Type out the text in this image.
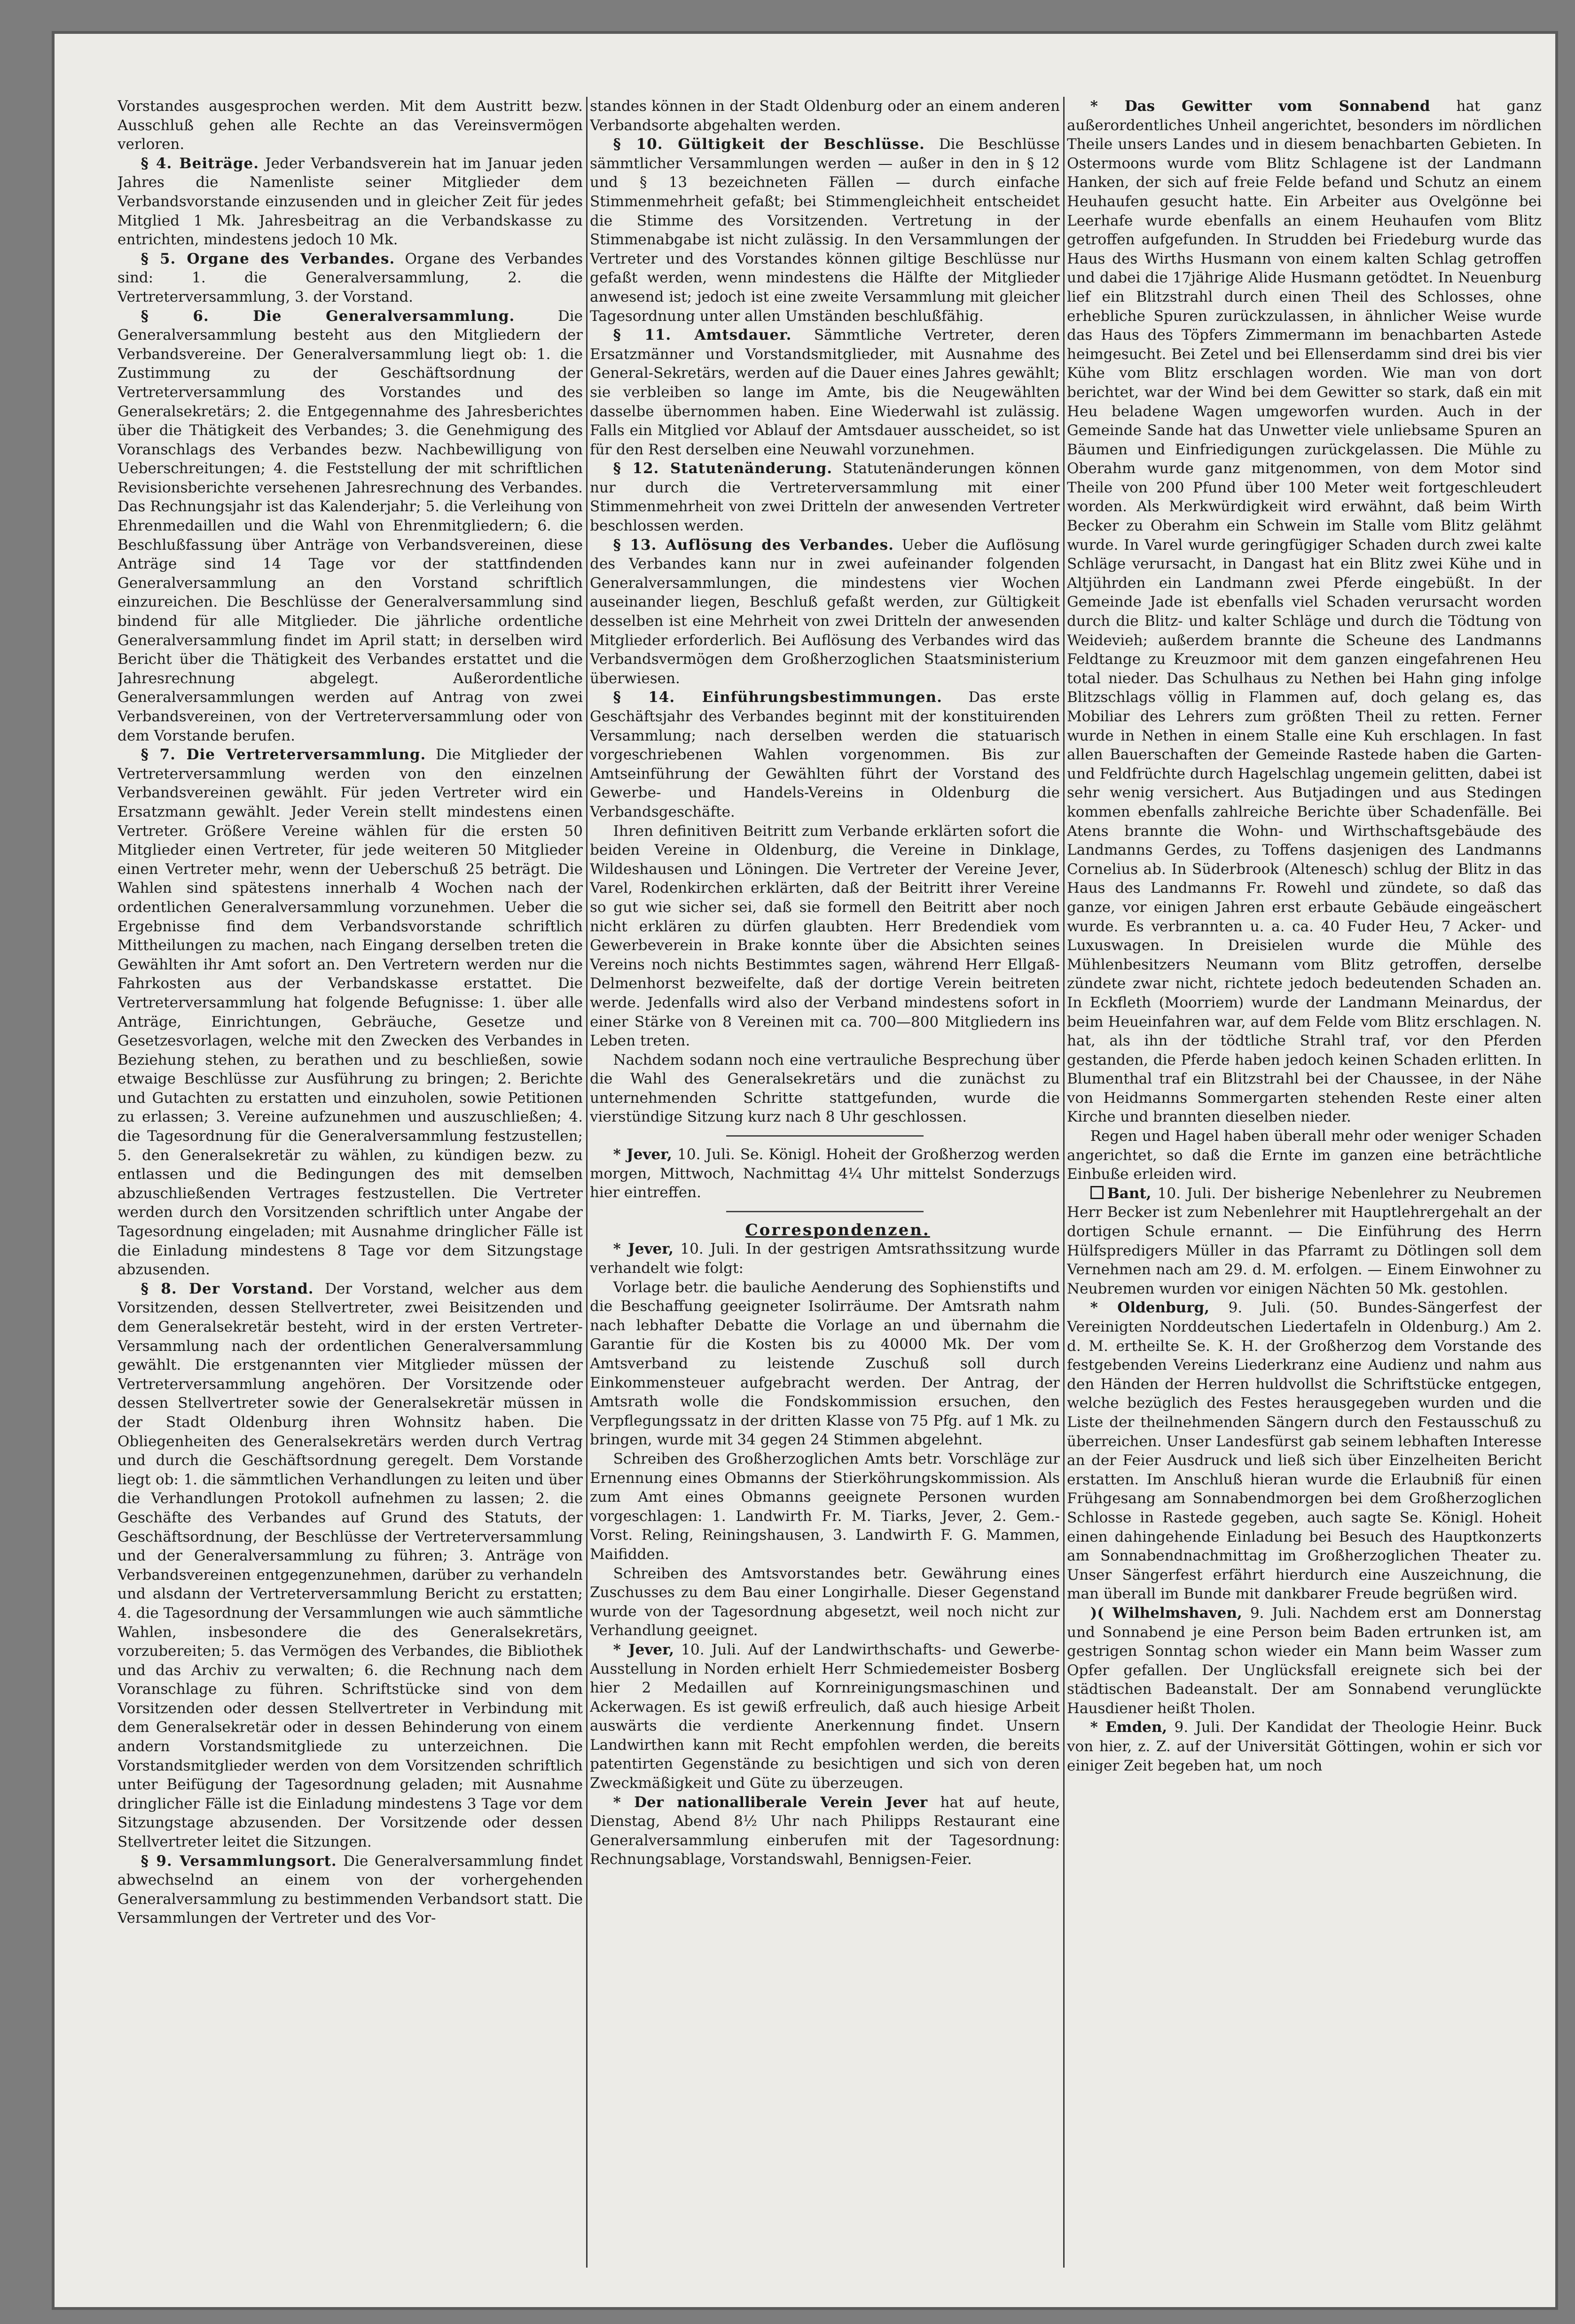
Vorstandes ausgesprochen werden. Mit dem Austritt bezw. Ausschluß gehen alle Rechte an das Vereinsvermögen verloren.

§ 4. Beiträge. Jeder Verbandsverein hat im Januar jeden Jahres die Namenliste seiner Mitglieder dem Verbandsvorstande einzusenden und in gleicher Zeit für jedes Mitglied 1 Mk. Jahresbeitrag an die Verbandskasse zu entrichten, mindestens jedoch 10 Mk.

§ 5. Organe des Verbandes. Organe des Verbandes sind: 1. die Generalversammlung, 2. die Vertreterversammlung, 3. der Vorstand.

§ 6. Die Generalversammlung.	Die Generalversammlung besteht aus den Mitgliedern der Verbandsvereine. Der Generalversammlung liegt ob: 1. die Zustimmung zu der Geschäftsordnung der Vertreterversammlung des Vorstandes und des Generalsekretärs; 2. die Entgegennahme des Jahresberichtes über die Thätigkeit des Verbandes; 3. die Genehmigung des Voranschlags des Verbandes bezw. Nachbewilligung von Ueberschreitungen; 4. die Feststellung der mit schriftlichen Revisionsberichte versehenen Jahresrechnung des Verbandes. Das Rechnungsjahr ist das Kalenderjahr; 5. die Verleihung von Ehrenmedaillen und die Wahl von Ehrenmitgliedern; 6. die Beschlußfassung über Anträge von Verbandsvereinen, diese Anträge sind 14 Tage vor der stattfindenden Generalversammlung an den Vorstand schriftlich einzureichen. Die Beschlüsse der Generalversammlung sind bindend für alle Mitglieder. Die jährliche ordentliche Generalversammlung findet im April statt; in derselben wird Bericht über die Thätigkeit des Verbandes erstattet und die Jahresrechnung abgelegt. Außerordentliche Generalversammlungen werden auf Antrag von zwei Verbandsvereinen, von der Vertreterversammlung oder von dem Vorstande berufen.

§ 7. Die Vertreterversammlung. Die Mitglieder der Vertreterversammlung werden von den einzelnen Verbandsvereinen gewählt. Für jeden Vertreter wird ein Ersatzmann gewählt. Jeder Verein stellt mindestens einen Vertreter. Größere Vereine wählen für die ersten 50 Mitglieder einen Vertreter, für jede weiteren 50 Mitglieder einen Vertreter mehr, wenn der Ueberschuß 25 beträgt. Die Wahlen sind spätestens innerhalb 4 Wochen nach der ordentlichen Generalversammlung vorzunehmen. Ueber die Ergebnisse find dem Verbandsvorstande schriftlich Mittheilungen zu machen, nach Eingang derselben treten die Gewählten ihr Amt sofort an. Den Vertretern werden nur die Fahrkosten aus der Verbandskasse erstattet. Die Vertreterversammlung hat folgende Befugnisse: 1. über alle Anträge, Einrichtungen, Gebräuche, Gesetze und Gesetzesvorlagen, welche mit den Zwecken des Verbandes in Beziehung stehen, zu berathen und zu beschließen, sowie etwaige Beschlüsse zur Ausführung zu bringen; 2. Berichte und Gutachten zu erstatten und einzuholen, sowie Petitionen zu erlassen; 3. Vereine aufzunehmen und auszuschließen; 4. die Tagesordnung für die Generalversammlung festzustellen; 5. den Generalsekretär zu wählen, zu kündigen bezw. zu entlassen und die Bedingungen des mit demselben abzuschließenden Vertrages festzustellen. Die Vertreter werden durch den Vorsitzenden schriftlich unter Angabe der Tagesordnung eingeladen; mit Ausnahme dringlicher Fälle ist die Einladung mindestens 8 Tage vor dem Sitzungstage abzusenden.

§ 8. Der Vorstand. Der Vorstand, welcher aus dem Vorsitzenden, dessen Stellvertreter, zwei Beisitzenden und dem Generalsekretär besteht, wird in der ersten Vertreter-Versammlung nach der ordentlichen Generalversammlung gewählt. Die erstgenannten vier Mitglieder müssen der Vertreterversammlung angehören. Der Vorsitzende oder dessen Stellvertreter sowie der Generalsekretär müssen in der Stadt Oldenburg ihren Wohnsitz haben. Die Obliegenheiten des Generalsekretärs werden durch Vertrag und durch die Geschäftsordnung geregelt. Dem Vorstande liegt ob: 1. die sämmtlichen Verhandlungen zu leiten und über die Verhandlungen Protokoll aufnehmen zu lassen; 2. die Geschäfte des Verbandes auf Grund des Statuts, der Geschäftsordnung, der Beschlüsse der Vertreterversammlung und der Generalversammlung zu führen; 3. Anträge von Verbandsvereinen entgegenzunehmen, darüber zu verhandeln und alsdann der Vertreterversammlung Bericht zu erstatten; 4. die Tagesordnung der Versammlungen wie auch sämmtliche Wahlen, insbesondere die des Generalsekretärs, vorzubereiten; 5. das Vermögen des Verbandes, die Bibliothek und das Archiv zu verwalten; 6. die Rechnung nach dem Voranschlage zu führen. Schriftstücke sind von dem Vorsitzenden oder dessen Stellvertreter in Verbindung mit dem Generalsekretär oder in dessen Behinderung von einem andern Vorstandsmitgliede zu unterzeichnen. Die Vorstandsmitglieder werden von dem Vorsitzenden schriftlich unter Beifügung der Tagesordnung geladen; mit Ausnahme dringlicher Fälle ist die Einladung mindestens 3 Tage vor dem Sitzungstage abzusenden. Der Vorsitzende oder dessen Stellvertreter leitet die Sitzungen.

§ 9. Versammlungsort. Die Generalversammlung findet abwechselnd an einem von der vorhergehenden Generalversammlung zu bestimmenden Verbandsort statt. Die Versammlungen der Vertreter und des Vor-

standes können in der Stadt Oldenburg oder an einem anderen Verbandsorte abgehalten werden.

§ 10. Gültigkeit der Beschlüsse. Die Beschlüsse sämmtlicher Versammlungen werden — außer in den in § 12 und § 13 bezeichneten Fällen — durch einfache Stimmenmehrheit gefaßt; bei Stimmengleichheit entscheidet die Stimme des Vorsitzenden. Vertretung in der Stimmenabgabe ist nicht zulässig. In den Versammlungen der Vertreter und des Vorstandes können giltige Beschlüsse nur gefaßt werden, wenn mindestens die Hälfte der Mitglieder anwesend ist; jedoch ist eine zweite Versammlung mit gleicher Tagesordnung unter allen Umständen beschlußfähig.

§ 11. Amtsdauer. Sämmtliche Vertreter, deren Ersatzmänner und Vorstandsmitglieder, mit Ausnahme des General-Sekretärs, werden auf die Dauer eines Jahres gewählt; sie verbleiben so lange im Amte, bis die Neugewählten dasselbe übernommen haben. Eine Wiederwahl ist zulässig. Falls ein Mitglied vor Ablauf der Amtsdauer ausscheidet, so ist für den Rest derselben eine Neuwahl vorzunehmen.

§ 12. Statutenänderung. Statutenänderungen können nur durch die Vertreterversammlung mit einer Stimmenmehrheit von zwei Dritteln der anwesenden Vertreter beschlossen werden.

§ 13. Auflösung des Verbandes. Ueber die Auflösung des Verbandes kann nur in zwei aufeinander folgenden Generalversammlungen, die mindestens vier Wochen auseinander liegen, Beschluß gefaßt werden, zur Gültigkeit desselben ist eine Mehrheit von zwei Dritteln der anwesenden Mitglieder erforderlich. Bei Auflösung des Verbandes wird das Verbandsvermögen dem Großherzoglichen Staatsministerium überwiesen.

§ 14. Einführungsbestimmungen. Das erste Geschäftsjahr des Verbandes beginnt mit der konstituirenden Versammlung; nach derselben werden die statuarisch vorgeschriebenen Wahlen vorgenommen. Bis zur Amtseinführung der Gewählten führt der Vorstand des Gewerbe- und Handels-Vereins in Oldenburg die Verbandsgeschäfte.

Ihren definitiven Beitritt zum Verbande erklärten sofort die beiden Vereine in Oldenburg, die Vereine in Dinklage, Wildeshausen und Löningen. Die Vertreter der Vereine Jever, Varel, Rodenkirchen erklärten, daß der Beitritt ihrer Vereine so gut wie sicher sei, daß sie formell den Beitritt aber noch nicht erklären zu dürfen glaubten. Herr Bredendiek vom Gewerbeverein in Brake konnte über die Absichten seines Vereins noch nichts Bestimmtes sagen, während Herr Ellgaß-Delmenhorst bezweifelte, daß der dortige Verein beitreten werde. Jedenfalls wird also der Verband mindestens sofort in einer Stärke von 8 Vereinen mit ca. 700—800 Mitgliedern ins Leben treten.

Nachdem sodann noch eine vertrauliche Besprechung über die Wahl des Generalsekretärs und die zunächst zu unternehmenden Schritte stattgefunden, wurde die vierstündige Sitzung kurz nach 8 Uhr geschlossen.

* Jever, 10. Juli. Se. Königl. Hoheit der Großherzog werden morgen, Mittwoch, Nachmittag 4¼ Uhr mittelst Sonderzugs hier eintreffen.

Correspondenzen.

* Jever, 10. Juli. In der gestrigen Amtsrathssitzung wurde verhandelt wie folgt:

Vorlage betr. die bauliche Aenderung des Sophienstifts und die Beschaffung geeigneter Isolirräume. Der Amtsrath nahm nach lebhafter Debatte die Vorlage an und übernahm die Garantie für die Kosten bis zu 40000 Mk. Der vom Amtsverband zu leistende Zuschuß soll durch Einkommensteuer aufgebracht werden. Der Antrag, der Amtsrath wolle die Fondskommission ersuchen, den Verpflegungssatz in der dritten Klasse von 75 Pfg. auf 1 Mk. zu bringen, wurde mit 34 gegen 24 Stimmen abgelehnt.

Schreiben des Großherzoglichen Amts betr. Vorschläge zur Ernennung eines Obmanns der Stierköhrungskommission. Als zum Amt eines Obmanns geeignete Personen wurden vorgeschlagen: 1. Landwirth Fr. M. Tiarks, Jever, 2. Gem.-Vorst. Reling, Reiningshausen, 3. Landwirth F. G. Mammen, Maifidden.

Schreiben des Amtsvorstandes betr. Gewährung eines Zuschusses zu dem Bau einer Longirhalle. Dieser Gegenstand wurde von der Tagesordnung abgesetzt, weil noch nicht zur Verhandlung geeignet.

* Jever, 10. Juli. Auf der Landwirthschafts- und Gewerbe-Ausstellung in Norden erhielt Herr Schmiedemeister Bosberg hier 2 Medaillen auf Kornreinigungsmaschinen und Ackerwagen. Es ist gewiß erfreulich, daß auch hiesige Arbeit auswärts die verdiente Anerkennung findet. Unsern Landwirthen kann mit Recht empfohlen werden, die bereits patentirten Gegenstände zu besichtigen und sich von deren Zweckmäßigkeit und Güte zu überzeugen.

* Der nationalliberale Verein Jever hat auf heute, Dienstag, Abend 8½ Uhr nach Philipps Restaurant eine Generalversammlung einberufen mit der Tagesordnung: Rechnungsablage, Vorstandswahl, Bennigsen-Feier.

* Das Gewitter vom Sonnabend hat ganz außerordentliches Unheil angerichtet, besonders im nördlichen Theile unsers Landes und in diesem benachbarten Gebieten. In Ostermoons wurde vom Blitz Schlagene ist der Landmann Hanken, der sich auf freie Felde befand und Schutz an einem Heuhaufen gesucht hatte. Ein Arbeiter aus Ovelgönne bei Leerhafe wurde ebenfalls an einem Heuhaufen vom Blitz getroffen aufgefunden. In Strudden bei Friedeburg wurde das Haus des Wirths Husmann von einem kalten Schlag getroffen und dabei die 17jährige Alide Husmann getödtet. In Neuenburg lief ein Blitzstrahl durch einen Theil des Schlosses, ohne erhebliche Spuren zurückzulassen, in ähnlicher Weise wurde das Haus des Töpfers Zimmermann im benachbarten Astede heimgesucht. Bei Zetel und bei Ellenserdamm sind drei bis vier Kühe vom Blitz erschlagen worden. Wie man von dort berichtet, war der Wind bei dem Gewitter so stark, daß ein mit Heu beladene Wagen umgeworfen wurden. Auch in der Gemeinde Sande hat das Unwetter viele unliebsame Spuren an Bäumen und Einfriedigungen zurückgelassen. Die Mühle zu Oberahm wurde ganz mitgenommen, von dem Motor sind Theile von 200 Pfund über 100 Meter weit fortgeschleudert worden. Als Merkwürdigkeit wird erwähnt, daß beim Wirth Becker zu Oberahm ein Schwein im Stalle vom Blitz gelähmt wurde. In Varel wurde geringfügiger Schaden durch zwei kalte Schläge verursacht, in Dangast hat ein Blitz zwei Kühe und in Altjührden ein Landmann zwei Pferde eingebüßt. In der Gemeinde Jade ist ebenfalls viel Schaden verursacht worden durch die Blitz- und kalter Schläge und durch die Tödtung von Weidevieh; außerdem brannte die Scheune des Landmanns Feldtange zu Kreuzmoor mit dem ganzen eingefahrenen Heu total nieder. Das Schulhaus zu Nethen bei Hahn ging infolge Blitzschlags völlig in Flammen auf, doch gelang es, das Mobiliar des Lehrers zum größten Theil zu retten. Ferner wurde in Nethen in einem Stalle eine Kuh erschlagen. In fast allen Bauerschaften der Gemeinde Rastede haben die Garten- und Feldfrüchte durch Hagelschlag ungemein gelitten, dabei ist sehr wenig versichert. Aus Butjadingen und aus Stedingen kommen ebenfalls zahlreiche Berichte über Schadenfälle. Bei Atens brannte die Wohn- und Wirthschaftsgebäude des Landmanns Gerdes, zu Toffens dasjenigen des Landmanns Cornelius ab. In Süderbrook (Altenesch) schlug der Blitz in das Haus des Landmanns Fr. Rowehl und zündete, so daß das ganze, vor einigen Jahren erst erbaute Gebäude eingeäschert wurde. Es verbrannten u. a. ca. 40 Fuder Heu, 7 Acker- und Luxuswagen. In Dreisielen wurde die Mühle des Mühlenbesitzers Neumann vom Blitz getroffen, derselbe zündete zwar nicht, richtete jedoch bedeutenden Schaden an. In Eckfleth (Moorriem) wurde der Landmann Meinardus, der beim Heueinfahren war, auf dem Felde vom Blitz erschlagen. N. hat, als ihn der tödtliche Strahl traf, vor den Pferden gestanden, die Pferde haben jedoch keinen Schaden erlitten. In Blumenthal traf ein Blitzstrahl bei der Chaussee, in der Nähe von Heidmanns Sommergarten stehenden Reste einer alten Kirche und brannten dieselben nieder.

Regen und Hagel haben überall mehr oder weniger Schaden angerichtet, so daß die Ernte im ganzen eine beträchtliche Einbuße erleiden wird.

Bant, 10. Juli. Der bisherige Nebenlehrer zu Neubremen Herr Becker ist zum Nebenlehrer mit Hauptlehrergehalt an der dortigen Schule ernannt. — Die Einführung des Herrn Hülfspredigers Müller in das Pfarramt zu Dötlingen soll dem Vernehmen nach am 29. d. M. erfolgen. — Einem Einwohner zu Neubremen wurden vor einigen Nächten 50 Mk. gestohlen.

* Oldenburg, 9. Juli. (50. Bundes-Sängerfest der Vereinigten Norddeutschen Liedertafeln in Oldenburg.) Am 2. d. M. ertheilte Se. K. H. der Großherzog dem Vorstande des festgebenden Vereins Liederkranz eine Audienz und nahm aus den Händen der Herren huldvollst die Schriftstücke entgegen, welche bezüglich des Festes herausgegeben wurden und die Liste der theilnehmenden Sängern durch den Festausschuß zu überreichen. Unser Landesfürst gab seinem lebhaften Interesse an der Feier Ausdruck und ließ sich über Einzelheiten Bericht erstatten. Im Anschluß hieran wurde die Erlaubniß für einen Frühgesang am Sonnabendmorgen bei dem Großherzoglichen Schlosse in Rastede gegeben, auch sagte Se. Königl. Hoheit einen dahingehende Einladung bei Besuch des Hauptkonzerts am Sonnabendnachmittag im Großherzoglichen Theater zu. Unser Sängerfest erfährt hierdurch eine Auszeichnung, die man überall im Bunde mit dankbarer Freude begrüßen wird.

)( Wilhelmshaven, 9. Juli. Nachdem erst am Donnerstag und Sonnabend je eine Person beim Baden ertrunken ist, am gestrigen Sonntag schon wieder ein Mann beim Wasser zum Opfer gefallen. Der Unglücksfall ereignete sich bei der städtischen Badeanstalt. Der am Sonnabend verunglückte Hausdiener heißt Tholen.

* Emden, 9. Juli. Der Kandidat der Theologie Heinr. Buck von hier, z. Z. auf der Universität Göttingen, wohin er sich vor einiger Zeit begeben hat, um noch
